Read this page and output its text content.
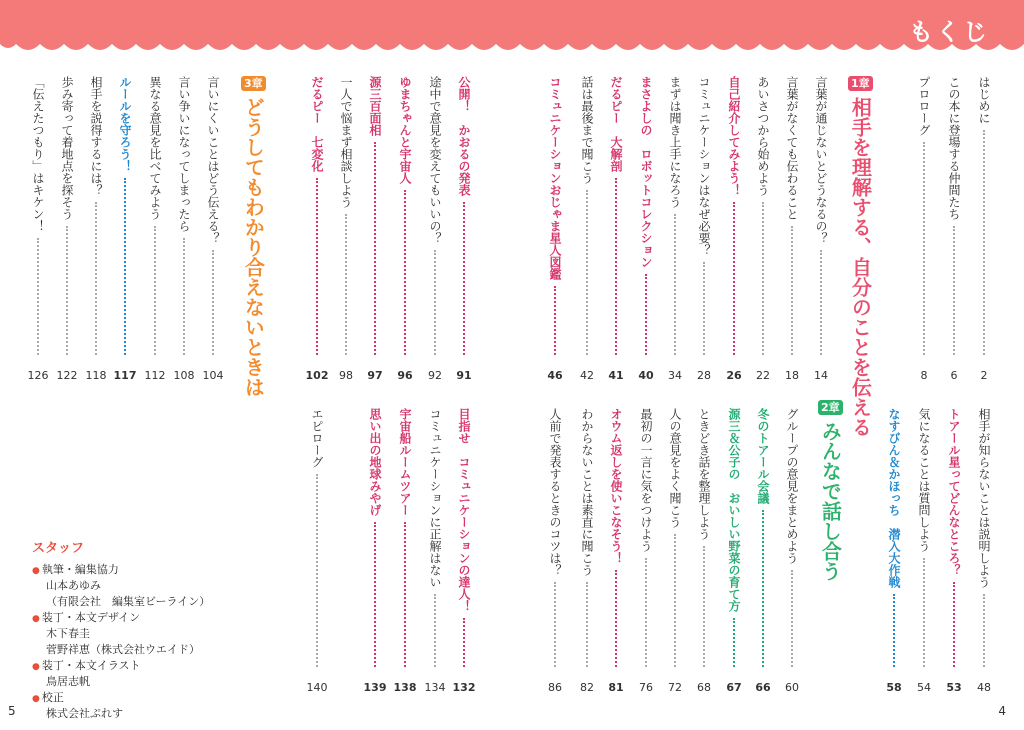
もくじ
はじめに
2
この本に登場する仲間たち
6
プロローグ
8
1章相手を理解する、自分のことを伝える
言葉が通じないとどうなるの？
14
言葉がなくても伝わること
18
あいさつから始めよう
22
自己紹介してみよう！
26
コミュニケーションはなぜ必要？
28
まずは聞き上手になろう
34
まさよしの　ロボットコレクション
40
だるピー　大解剖
41
話は最後まで聞こう
42
コミュニケーションおじゃま星人図鑑
46
公開！　かおるの発表
91
途中で意見を変えてもいいの？
92
ゆまちゃんと宇宙人
96
源三百面相
97
一人で悩まず相談しよう
98
だるピー　七変化
102
3章どうしてもわかり合えないときは
言いにくいことはどう伝える？
104
言い争いになってしまったら
108
異なる意見を比べてみよう
112
ルールを守ろう！
117
相手を説得するには？
118
歩み寄って着地点を探そう
122
「伝えたつもり」はキケン！
126
相手が知らないことは説明しよう
48
トアール星ってどんなところ？
53
気になることは質問しよう
54
なすびん＆かほっち　潜入大作戦
58
2章みんなで話し合う
グループの意見をまとめよう
60
冬のトアール会議
66
源三＆公子の　おいしい野菜の育て方
67
ときどき話を整理しよう
68
人の意見をよく聞こう
72
最初の一言に気をつけよう
76
オウム返しを使いこなそう！
81
わからないことは素直に聞こう
82
人前で発表するときのコツは？
86
目指せ　コミュニケーションの達人！
132
コミュニケーションに正解はない
134
宇宙船ルームツアー
138
思い出の地球みやげ
139
エピローグ
140
スタッフ
● 執筆・編集協力
山本あゆみ
（有限会社　編集室ビーライン）
● 装丁・本文デザイン
木下春圭
菅野祥恵（株式会社ウエイド）
● 装丁・本文イラスト
鳥居志帆
● 校正
株式会社ぷれす
5	4
